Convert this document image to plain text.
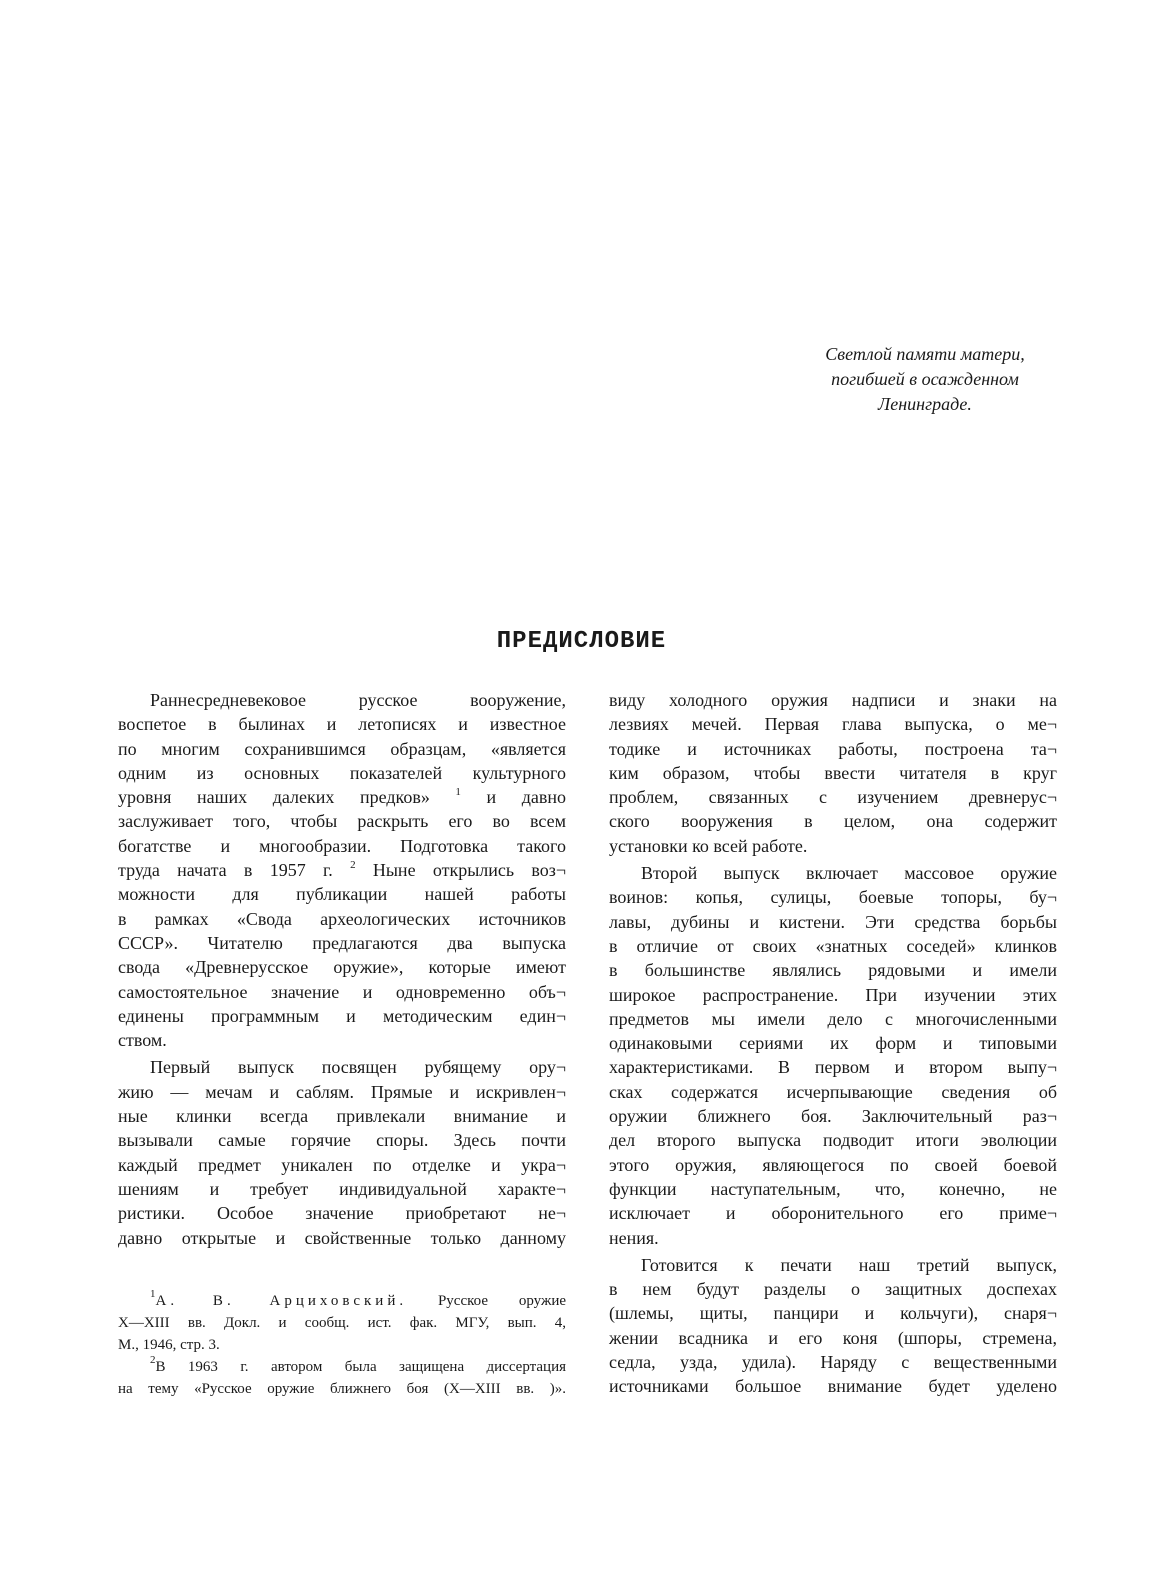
Светлой памяти матери,
погибшей в осажденном
Ленинграде.
ПРЕДИСЛОВИЕ
Раннесредневековое русское вооружение,
воспетое в былинах и летописях и известное
по многим сохранившимся образцам, «является
одним из основных показателей культурного
уровня наших далеких предков» $^1$ и давно
заслуживает того, чтобы раскрыть его во всем
богатстве и многообразии. Подготовка такого
труда начата в 1957 г. $^2$ Ныне открылись воз¬
можности для публикации нашей работы
в рамках «Свода археологических источников
СССР». Читателю предлагаются два выпуска
свода «Древнерусское оружие», которые имеют
самостоятельное значение и одновременно объ¬
единены программным и методическим един¬
ством.
Первый выпуск посвящен рубящему ору¬
жию — мечам и саблям. Прямые и искривлен¬
ные клинки всегда привлекали внимание и
вызывали самые горячие споры. Здесь почти
каждый предмет уникален по отделке и укра¬
шениям и требует индивидуальной характе¬
ристики. Особое значение приобретают не¬
давно открытые и свойственные только данному
$^1$А. В. Арциховский. Русское оружие
X—XIII вв. Докл. и сообщ. ист. фак. МГУ, вып. 4,
М., 1946, стр. 3.
$^2$В 1963 г. автором была защищена диссертация
на тему «Русское оружие ближнего боя (X—XIII вв. )».
виду холодного оружия надписи и знаки на
лезвиях мечей. Первая глава выпуска, о ме¬
тодике и источниках работы, построена та¬
ким образом, чтобы ввести читателя в круг
проблем, связанных с изучением древнерус¬
ского вооружения в целом, она содержит
установки ко всей работе.
Второй выпуск включает массовое оружие
воинов: копья, сулицы, боевые топоры, бу¬
лавы, дубины и кистени. Эти средства борьбы
в отличие от своих «знатных соседей» клинков
в большинстве являлись рядовыми и имели
широкое распространение. При изучении этих
предметов мы имели дело с многочисленными
одинаковыми сериями их форм и типовыми
характеристиками. В первом и втором выпу¬
сках содержатся исчерпывающие сведения об
оружии ближнего боя. Заключительный раз¬
дел второго выпуска подводит итоги эволюции
этого оружия, являющегося по своей боевой
функции наступательным, что, конечно, не
исключает и оборонительного его приме¬
нения.
Готовится к печати наш третий выпуск,
в нем будут разделы о защитных доспехах
(шлемы, щиты, панцири и кольчуги), снаря¬
жении всадника и его коня (шпоры, стремена,
седла, узда, удила). Наряду с вещественными
источниками большое внимание будет уделено
